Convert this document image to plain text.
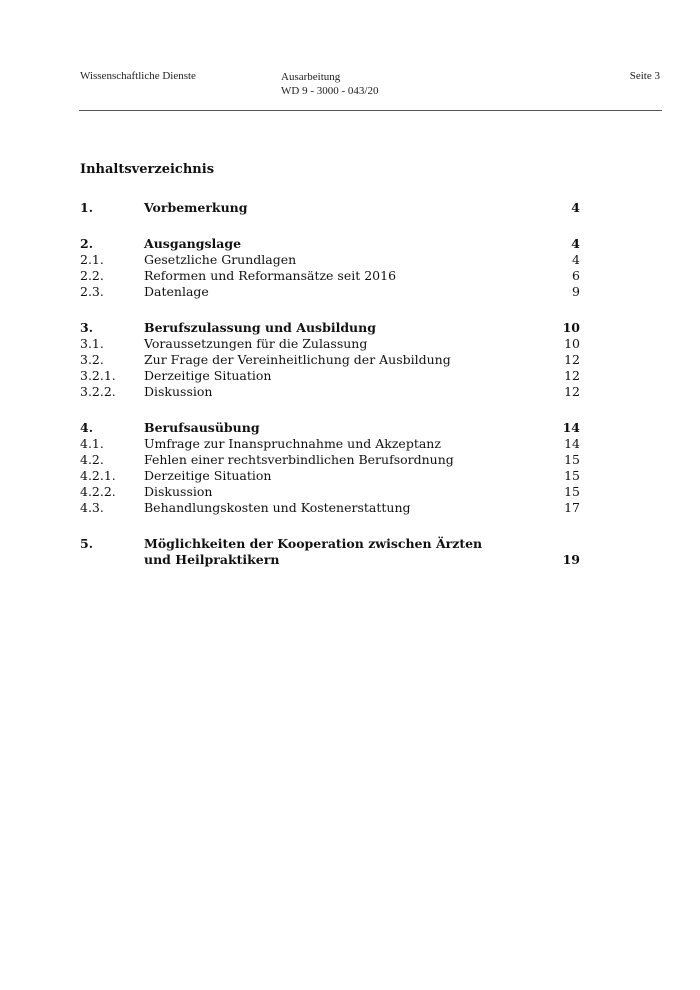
Wissenschaftliche Dienste	Ausarbeitung
WD 9 - 3000 - 043/20
Seite 3
Inhaltsverzeichnis
1.	Vorbemerkung	4
2.	Ausgangslage	4
2.1.	Gesetzliche Grundlagen	4
2.2.	Reformen und Reformansätze seit 2016	6
2.3.	Datenlage	9
3.	Berufszulassung und Ausbildung	10
3.1.	Voraussetzungen für die Zulassung	10
3.2.	Zur Frage der Vereinheitlichung der Ausbildung	12
3.2.1. Derzeitige Situation	12
3.2.2. Diskussion	12
4.	Berufsausübung	14
4.1.	Umfrage zur Inanspruchnahme und Akzeptanz	14
4.2.	Fehlen einer rechtsverbindlichen Berufsordnung	15
4.2.1. Derzeitige Situation	15
4.2.2. Diskussion	15
4.3.	Behandlungskosten und Kostenerstattung	17
5.	Möglichkeiten der Kooperation zwischen Ärzten und Heilpraktikern	19
